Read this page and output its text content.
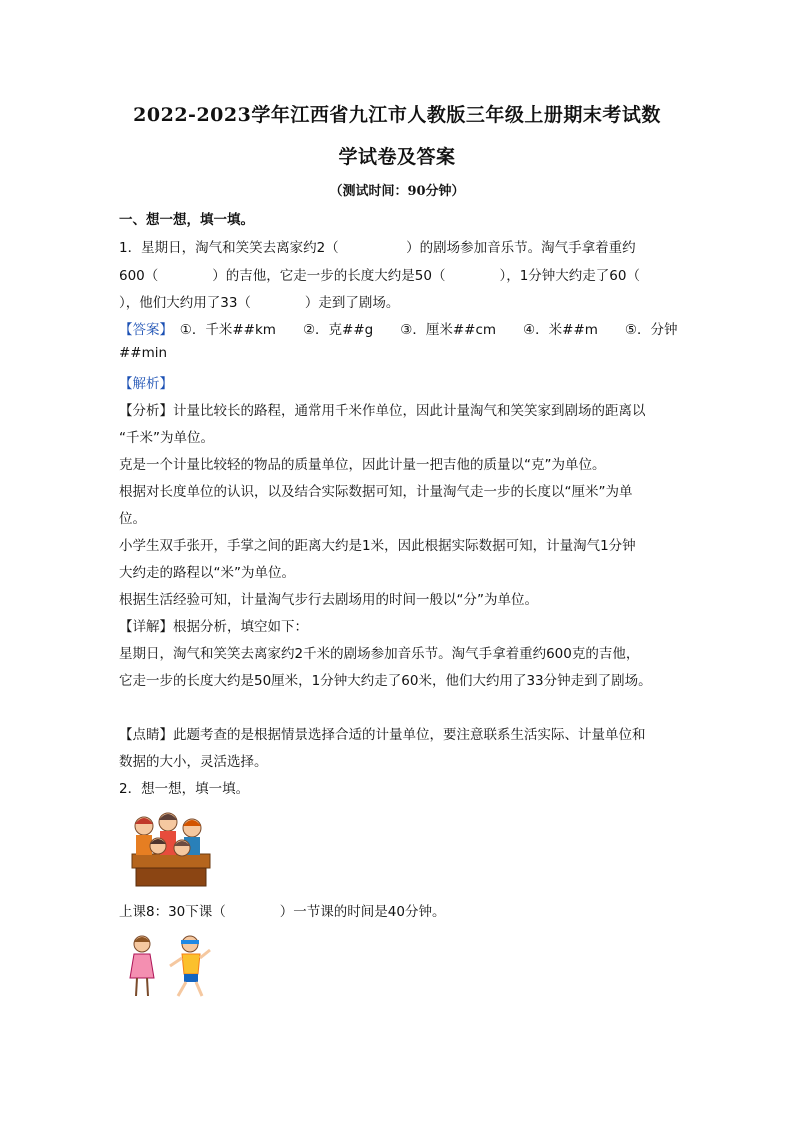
2022-2023学年江西省九江市人教版三年级上册期末考试数
学试卷及答案
（测试时间：90分钟）
一、想一想，填一填。
1．星期日，淘气和笑笑去离家约2（　　　　　）的剧场参加音乐节。淘气手拿着重约
600（　　　　）的吉他，它走一步的长度大约是50（　　　　），1分钟大约走了60（
），他们大约用了33（　　　　）走到了剧场。
【答案】　①．千米##km　　②．克##g　　③．厘米##cm　　④．米##m　　⑤．分钟
##min
【解析】
【分析】计量比较长的路程，通常用千米作单位，因此计量淘气和笑笑家到剧场的距离以
“千米”为单位。
克是一个计量比较轻的物品的质量单位，因此计量一把吉他的质量以“克”为单位。
根据对长度单位的认识，以及结合实际数据可知，计量淘气走一步的长度以“厘米”为单
位。
小学生双手张开，手掌之间的距离大约是1米，因此根据实际数据可知，计量淘气1分钟
大约走的路程以“米”为单位。
根据生活经验可知，计量淘气步行去剧场用的时间一般以“分”为单位。
【详解】根据分析，填空如下：
星期日，淘气和笑笑去离家约2千米的剧场参加音乐节。淘气手拿着重约600克的吉他，
它走一步的长度大约是50厘米，1分钟大约走了60米，他们大约用了33分钟走到了剧场。
【点睛】此题考查的是根据情景选择合适的计量单位，要注意联系生活实际、计量单位和
数据的大小，灵活选择。
2．想一想，填一填。
上课8：30下课（　　　　）一节课的时间是40分钟。
